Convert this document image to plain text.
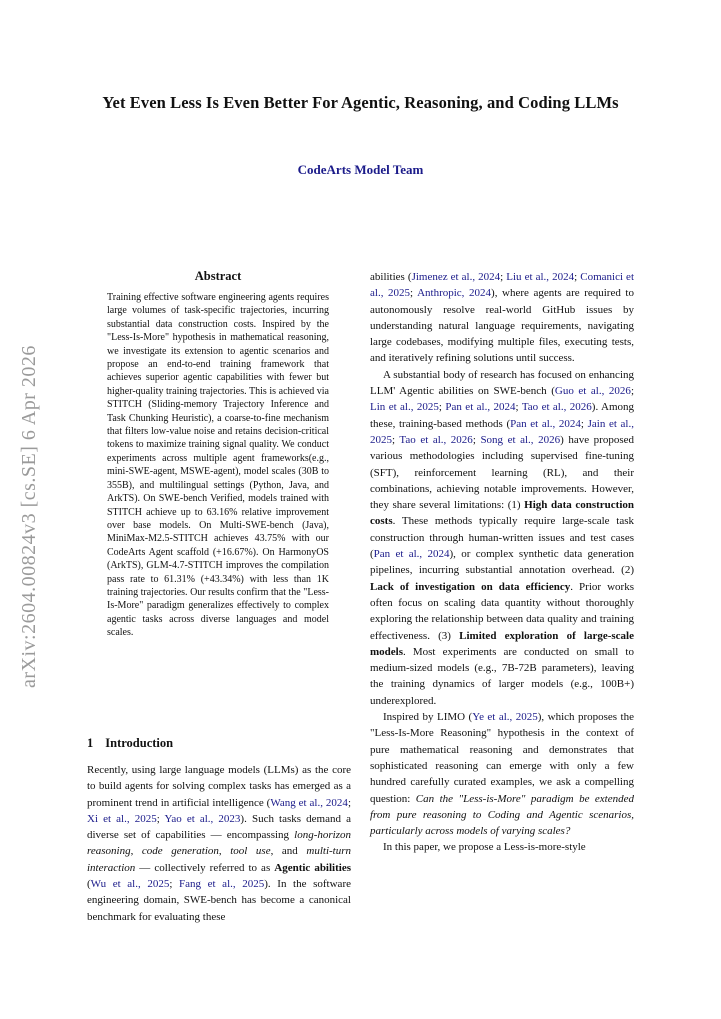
Yet Even Less Is Even Better For Agentic, Reasoning, and Coding LLMs
CodeArts Model Team
arXiv:2604.00824v3 [cs.SE] 6 Apr 2026
Abstract
Training effective software engineering agents requires large volumes of task-specific trajectories, incurring substantial data construction costs. Inspired by the "Less-Is-More" hypothesis in mathematical reasoning, we investigate its extension to agentic scenarios and propose an end-to-end training framework that achieves superior agentic capabilities with fewer but higher-quality training trajectories. This is achieved via STITCH (Sliding-memory Trajectory Inference and Task Chunking Heuristic), a coarse-to-fine mechanism that filters low-value noise and retains decision-critical tokens to maximize training signal quality. We conduct experiments across multiple agent frameworks(e.g., mini-SWE-agent, MSWE-agent), model scales (30B to 355B), and multilingual settings (Python, Java, and ArkTS). On SWE-bench Verified, models trained with STITCH achieve up to 63.16% relative improvement over base models. On Multi-SWE-bench (Java), MiniMax-M2.5-STITCH achieves 43.75% with our CodeArts Agent scaffold (+16.67%). On HarmonyOS (ArkTS), GLM-4.7-STITCH improves the compilation pass rate to 61.31% (+43.34%) with less than 1K training trajectories. Our results confirm that the "Less-Is-More" paradigm generalizes effectively to complex agentic tasks across diverse languages and model scales.
1 Introduction

Recently, using large language models (LLMs) as the core to build agents for solving complex tasks has emerged as a prominent trend in artificial intelligence (Wang et al., 2024; Xi et al., 2025; Yao et al., 2023). Such tasks demand a diverse set of capabilities — encompassing long-horizon reasoning, code generation, tool use, and multi-turn interaction — collectively referred to as Agentic abilities (Wu et al., 2025; Fang et al., 2025). In the software engineering domain, SWE-bench has become a canonical benchmark for evaluating these

abilities (Jimenez et al., 2024; Liu et al., 2024; Comanici et al., 2025; Anthropic, 2024), where agents are required to autonomously resolve real-world GitHub issues by understanding natural language requirements, navigating large codebases, modifying multiple files, executing tests, and iteratively refining solutions until success.

A substantial body of research has focused on enhancing LLM' Agentic abilities on SWE-bench (Guo et al., 2026; Lin et al., 2025; Pan et al., 2024; Tao et al., 2026). Among these, training-based methods (Pan et al., 2024; Jain et al., 2025; Tao et al., 2026; Song et al., 2026) have proposed various methodologies including supervised fine-tuning (SFT), reinforcement learning (RL), and their combinations, achieving notable improvements. However, they share several limitations: (1) High data construction costs. These methods typically require large-scale task construction through human-written issues and test cases (Pan et al., 2024), or complex synthetic data generation pipelines, incurring substantial annotation overhead. (2) Lack of investigation on data efficiency. Prior works often focus on scaling data quantity without thoroughly exploring the relationship between data quality and training effectiveness. (3) Limited exploration of large-scale models. Most experiments are conducted on small to medium-sized models (e.g., 7B-72B parameters), leaving the training dynamics of larger models (e.g., 100B+) underexplored.

Inspired by LIMO (Ye et al., 2025), which proposes the "Less-Is-More Reasoning" hypothesis in the context of pure mathematical reasoning and demonstrates that sophisticated reasoning can emerge with only a few hundred carefully curated examples, we ask a compelling question: Can the "Less-is-More" paradigm be extended from pure reasoning to Coding and Agentic scenarios, particularly across models of varying scales?

In this paper, we propose a Less-is-more-style
